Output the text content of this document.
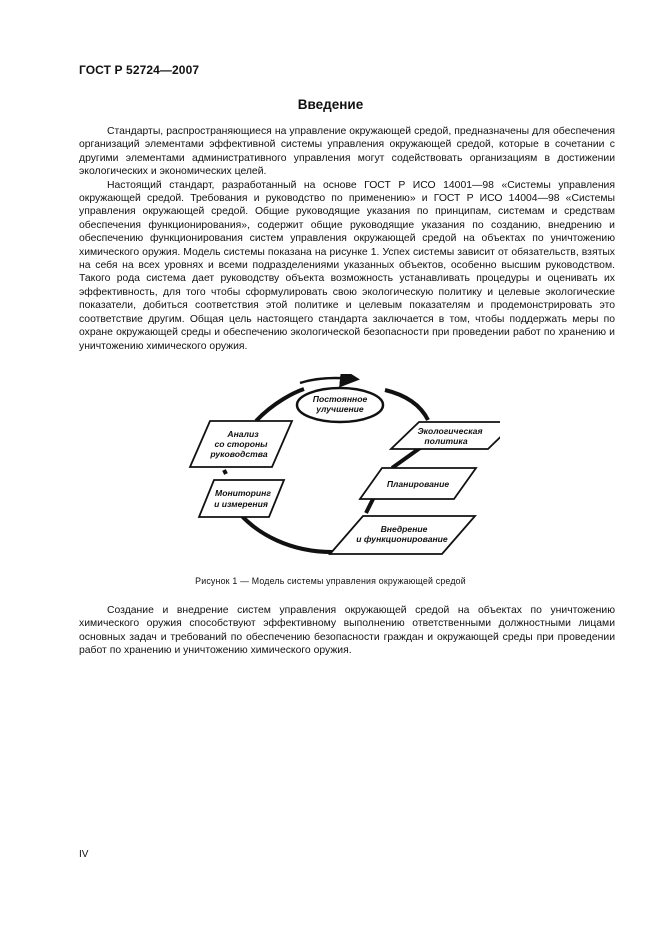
ГОСТ Р 52724—2007
Введение

Стандарты, распространяющиеся на управление окружающей средой, предназначены для обеспечения организаций элементами эффективной системы управления окружающей средой, которые в сочетании с другими элементами административного управления могут содействовать организациям в достижении экологических и экономических целей.

Настоящий стандарт, разработанный на основе ГОСТ Р ИСО 14001—98 «Системы управления окружающей средой. Требования и руководство по применению» и ГОСТ Р ИСО 14004—98 «Системы управления окружающей средой. Общие руководящие указания по принципам, системам и средствам обеспечения функционирования», содержит общие руководящие указания по созданию, внедрению и обеспечению функционирования систем управления окружающей средой на объектах по уничтожению химического оружия. Модель системы показана на рисунке 1. Успех системы зависит от обязательств, взятых на себя на всех уровнях и всеми подразделениями указанных объектов, особенно высшим руководством. Такого рода система дает руководству объекта возможность устанавливать процедуры и оценивать их эффективность, для того чтобы сформулировать свою экологическую политику и целевые экологические показатели, добиться соответствия этой политике и целевым показателям и продемонстрировать это соответствие другим. Общая цель настоящего стандарта заключается в том, чтобы поддержать меры по охране окружающей среды и обеспечению экологической безопасности при проведении работ по хранению и уничтожению химического оружия.

Постоянное
улучшение
Анализ
со стороны
руководства
Мониторинг
и измерения
Экологическая
политика
Планирование
Внедрение
и функционирование
Рисунок 1 — Модель системы управления окружающей средой

Создание и внедрение систем управления окружающей средой на объектах по уничтожению химического оружия способствуют эффективному выполнению ответственными должностными лицами основных задач и требований по обеспечению безопасности граждан и окружающей среды при проведении работ по хранению и уничтожению химического оружия.

IV
